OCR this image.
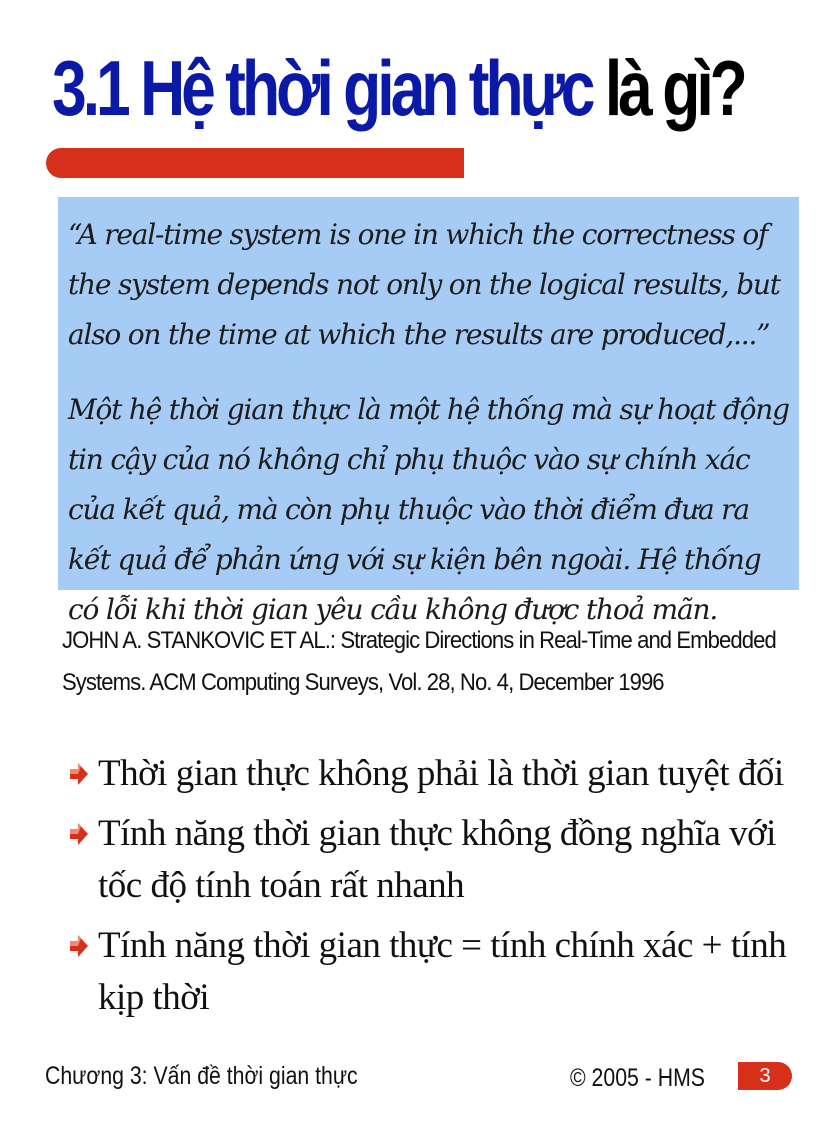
3.1 Hệ thời gian thực là gì?

“A real-time system is one in which the correctness of the system depends not only on the logical results, but also on the time at which the results are produced,...”

Một hệ thời gian thực là một hệ thống mà sự hoạt động tin cậy của nó không chỉ phụ thuộc vào sự chính xác của kết quả, mà còn phụ thuộc vào thời điểm đưa ra kết quả để phản ứng với sự kiện bên ngoài. Hệ thống có lỗi khi thời gian yêu cầu không được thoả mãn.

JOHN A. STANKOVIC ET AL.: Strategic Directions in Real-Time and Embedded
Systems. ACM Computing Surveys, Vol. 28, No. 4, December 1996
Thời gian thực không phải là thời gian tuyệt đối
Tính năng thời gian thực không đồng nghĩa với tốc độ tính toán rất nhanh
Tính năng thời gian thực = tính chính xác + tính kịp thời
Chương 3: Vấn đề thời gian thực	© 2005 - HMS	3
